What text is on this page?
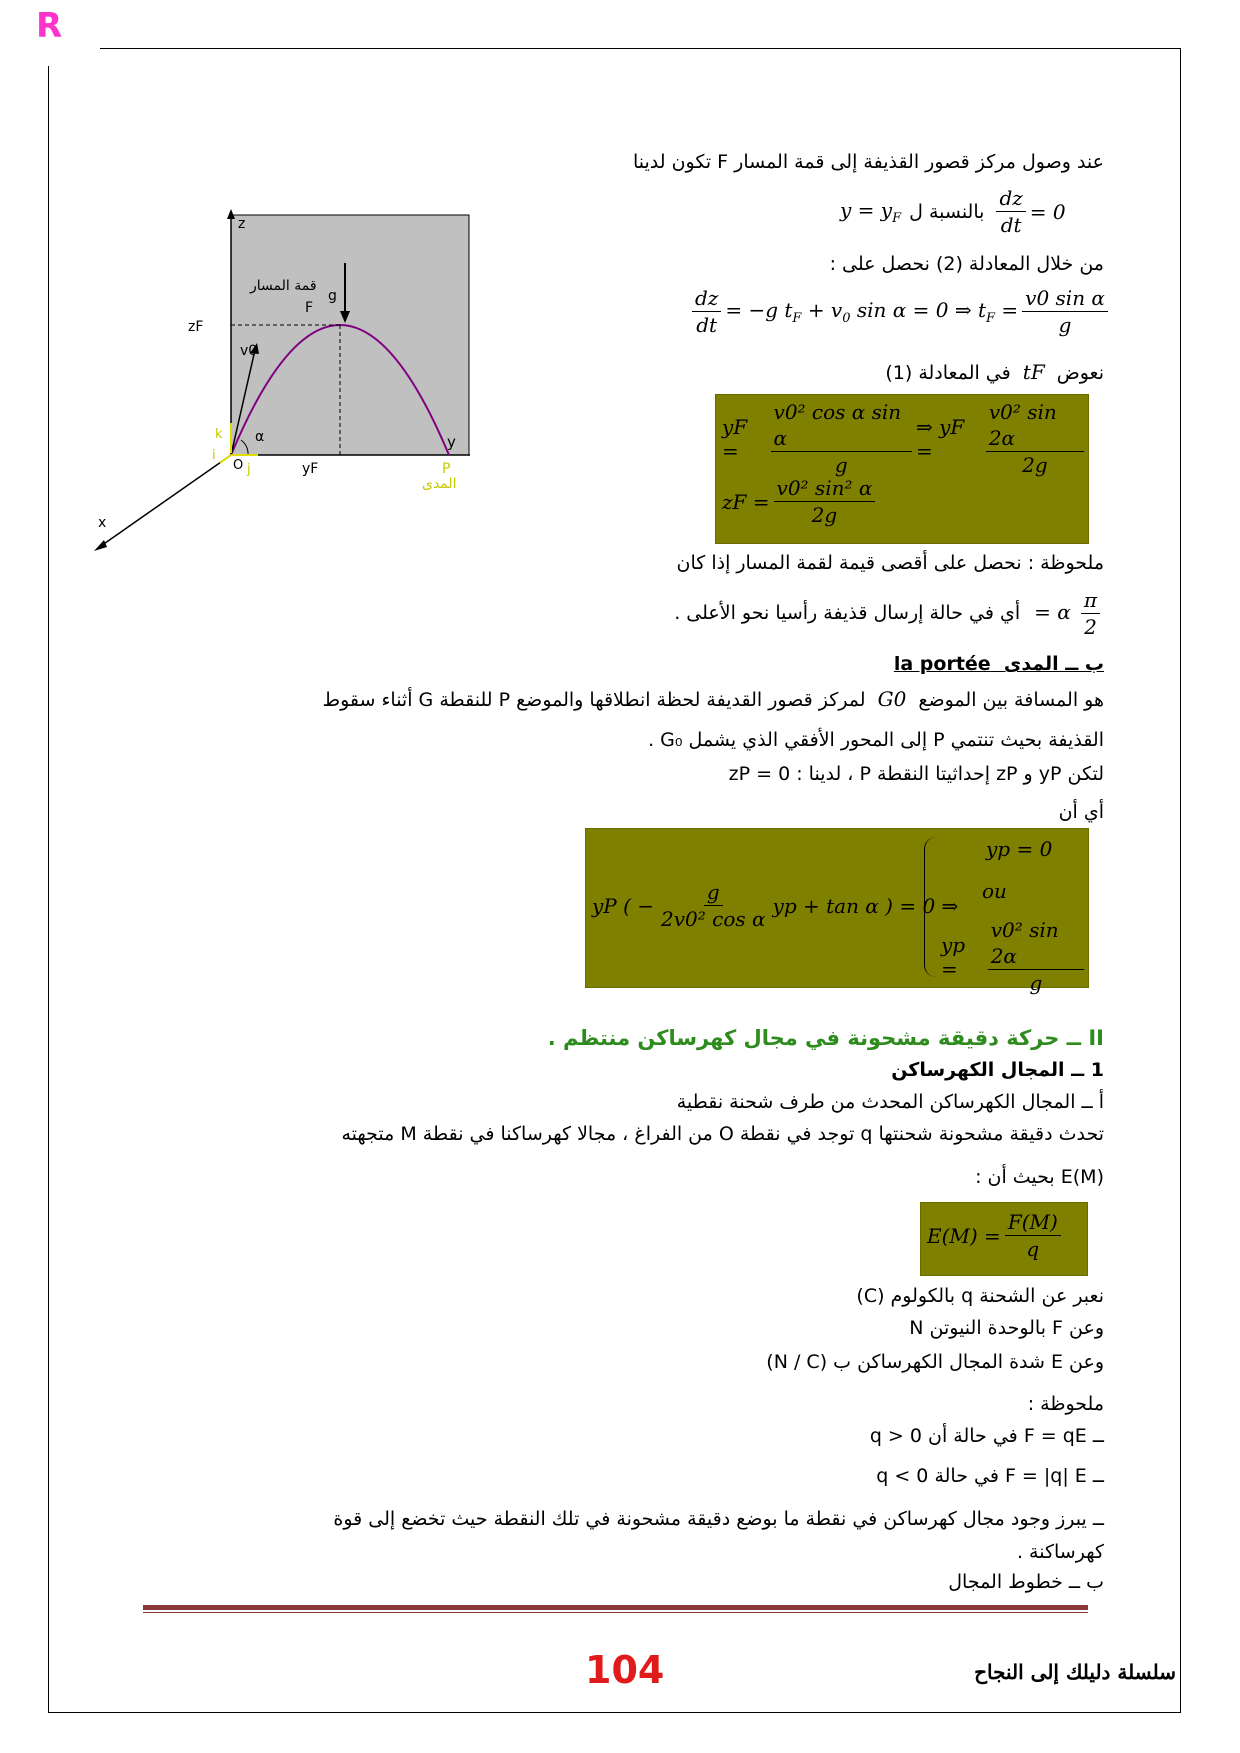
R
z
y
x
قمة المسار
F
g
zF
yF
v0
α
O
k
j
i
P
المدى
عند وصول مركز قصور القذيفة إلى قمة المسار F تكون لدينا
$y = y_F$ بالنسبة ل $\frac{dz}{dt} = 0$
من خلال المعادلة (2) نحصل على :
$\frac{dz}{dt} = -g$ $t_F + v_0$ sin α = 0 ⇒ $t_F = \frac{\text{v0 sin α}}{g}$
نعوض tF في المعادلة (1)
yF =	$\frac{\text{v0² cos α sin α}}{g}$ ⇒ yF =	$\frac{\text{v0² sin 2α}}{2g}$
zF = $\frac{\text{v0² sin² α}}{2g}$
ملحوظة : نحصل على أقصى قيمة لقمة المسار إذا كان
$\frac{\pi}{2}$
α = أي في حالة إرسال قذيفة رأسيا نحو الأعلى .
ب ــ المدى  la portée
هو المسافة بين الموضع G0 لمركز قصور القديفة لحظة انطلاقها والموضع P للنقطة G أثناء سقوط
القذيفة بحيث تنتمي P إلى المحور الأفقي الذي يشمل G₀ .
لتكن yP و zP إحداثيتا النقطة P ، لدينا : zP = 0
أي أن
yP ( − $\frac{g}{\text{2v0² cos α}}$ yp + tan α ) = 0 ⇒
yp = 0
ou
yp =	$\frac{\text{v0² sin 2α}}{g}$
II ــ حركة دقيقة مشحونة في مجال كهرساكن منتظم .
1 ــ المجال الكهرساكن
أ ــ المجال الكهرساكن المحدث من طرف شحنة نقطية
تحدث دقيقة مشحونة شحنتها q توجد في نقطة O من الفراغ ، مجالا كهرساكنا في نقطة M متجهته
E(M) بحيث أن :
$E(M) = \frac{F(M)}{q}$
نعبر عن الشحنة q بالكولوم (C)
وعن F بالوحدة النيوتن N
وعن E شدة المجال الكهرساكن ب (N / C)
ملحوظة :
ــ F = qE في حالة أن q > 0
ــ F = |q| E في حالة q < 0
ــ يبرز وجود مجال كهرساكن في نقطة ما بوضع دقيقة مشحونة في تلك النقطة حيث تخضع إلى قوة
كهرساكنة .
ب ــ خطوط المجال
104	سلسلة دليلك إلى النجاح
